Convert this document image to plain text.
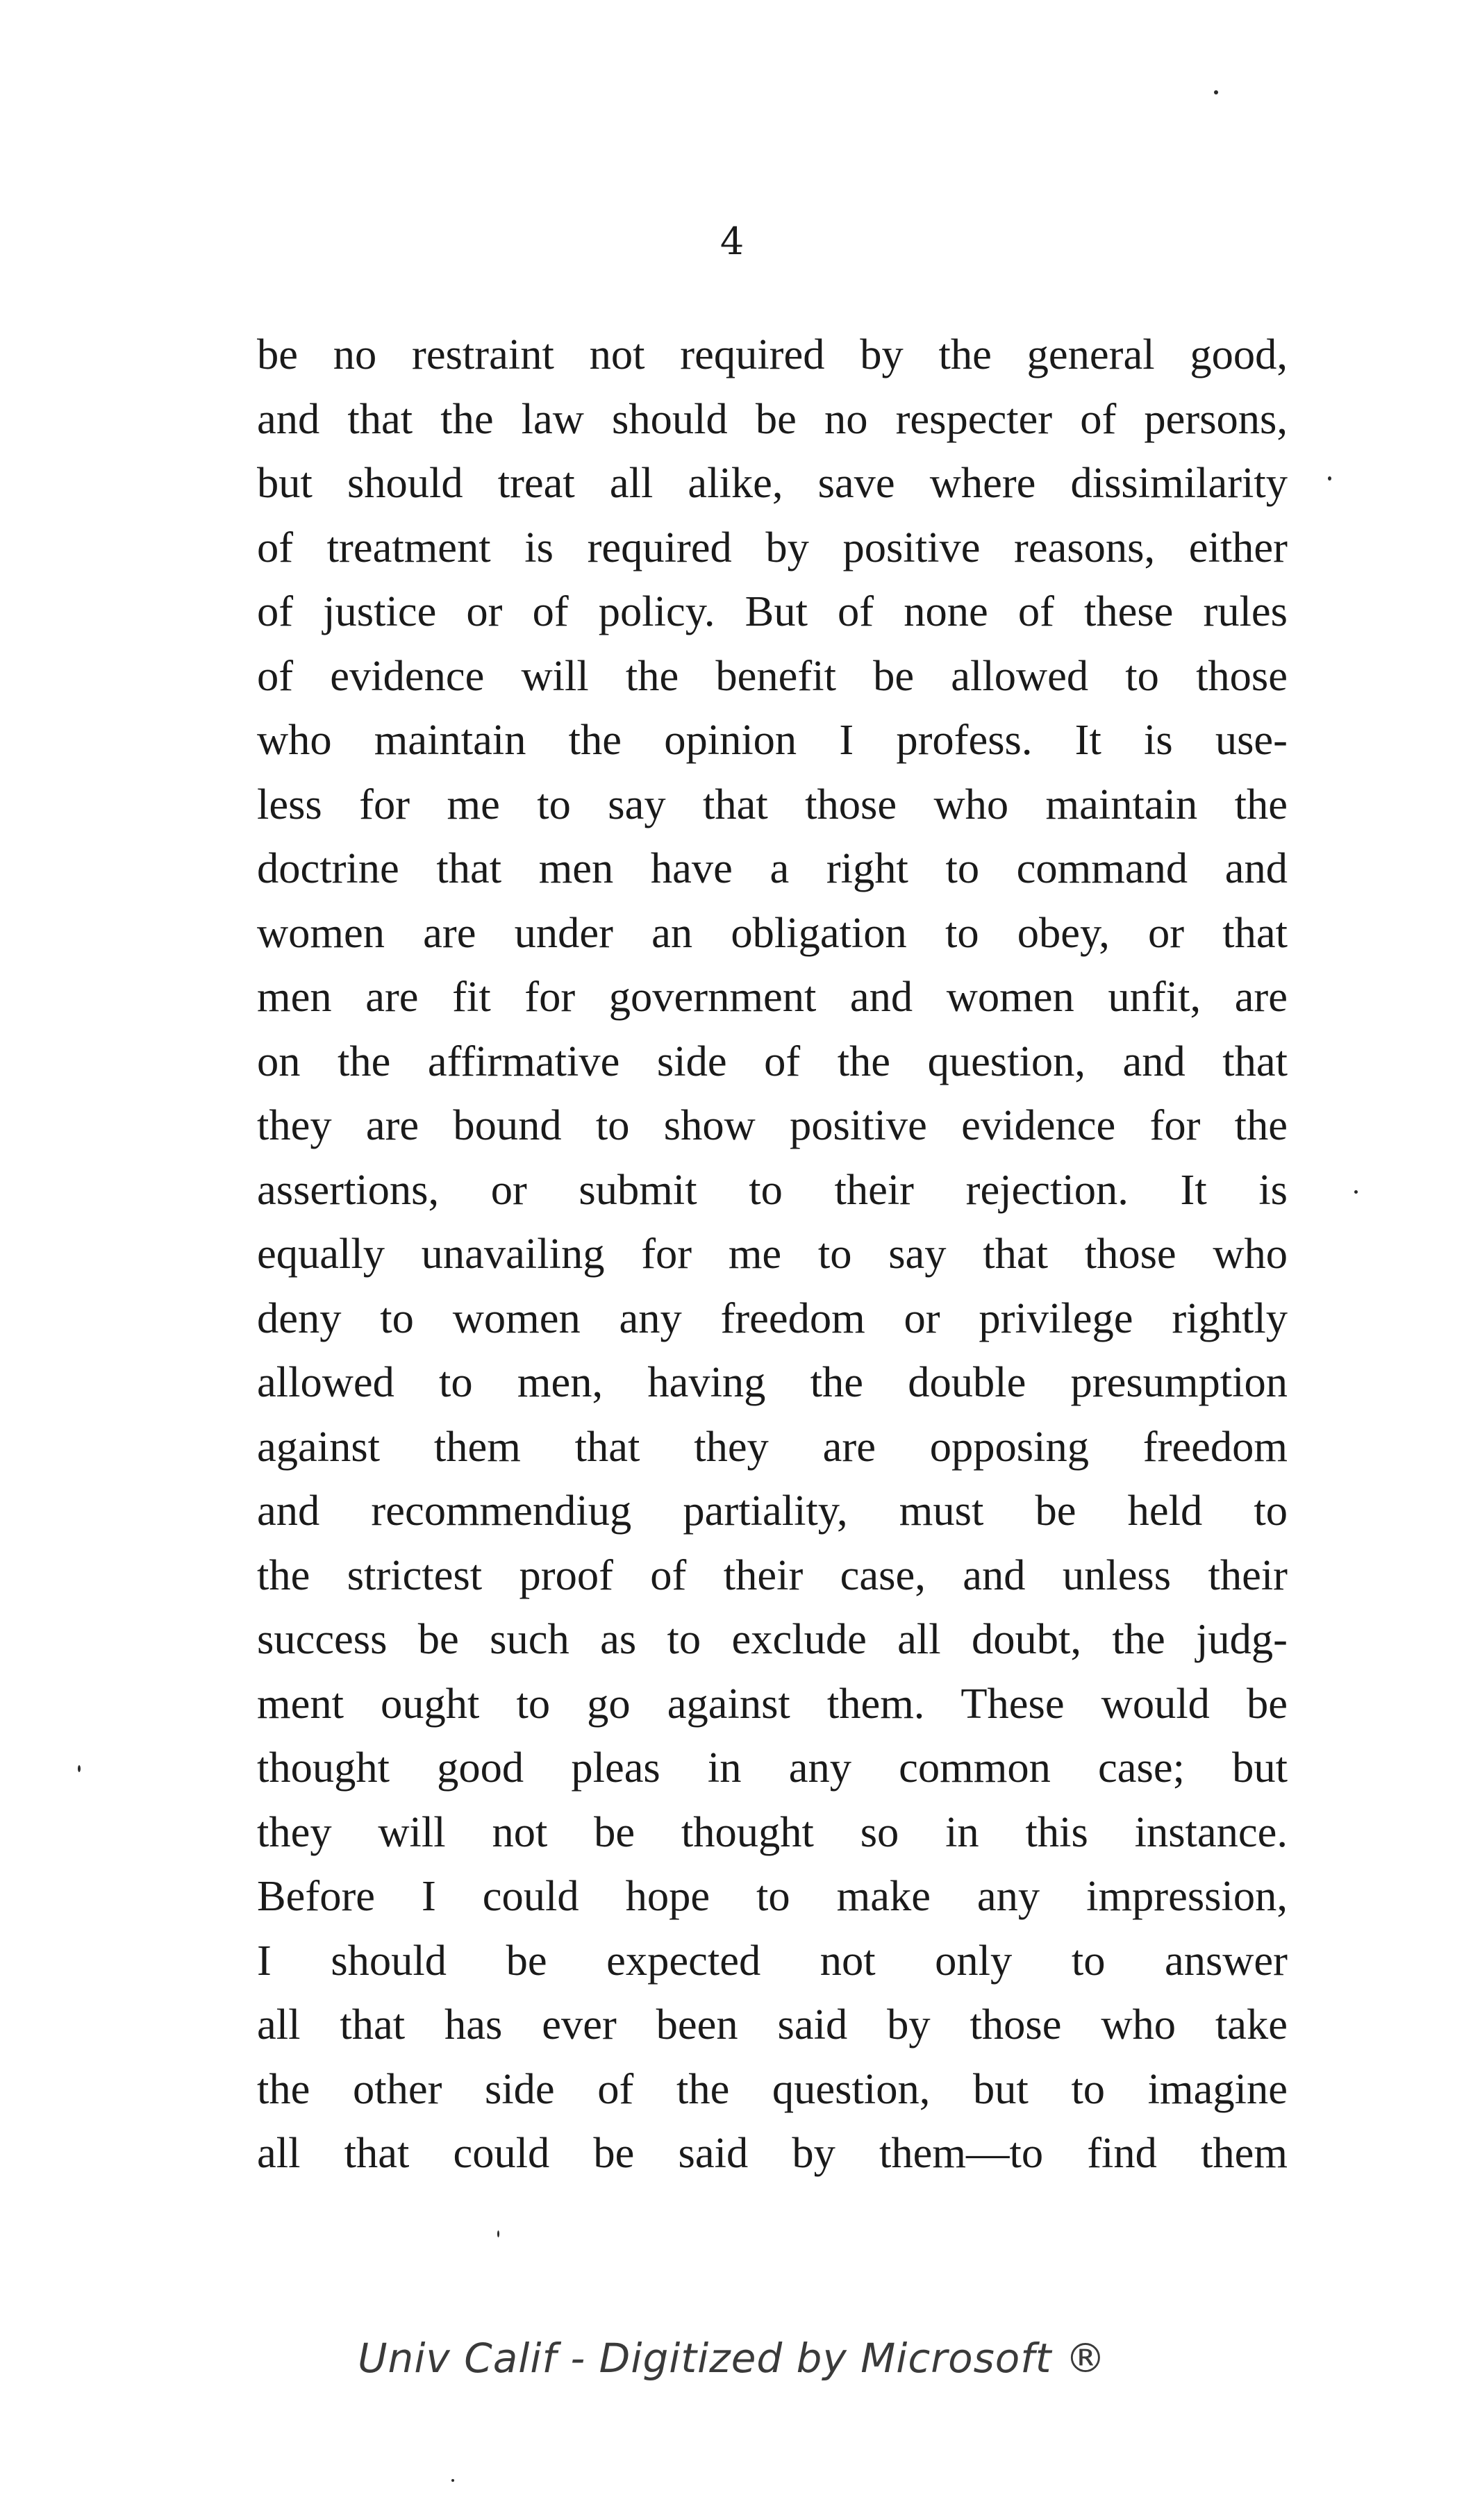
4
be no restraint not required by the general good,
and that the law should be no respecter of persons,
but should treat all alike, save where dissimilarity
of treatment is required by positive reasons, either
of justice or of policy. But of none of these rules
of evidence will the benefit be allowed to those
who maintain the opinion I profess. It is use-
less for me to say that those who maintain the
doctrine that men have a right to command and
women are under an obligation to obey, or that
men are fit for government and women unfit, are
on the affirmative side of the question, and that
they are bound to show positive evidence for the
assertions, or submit to their rejection. It is
equally unavailing for me to say that those who
deny to women any freedom or privilege rightly
allowed to men, having the double presumption
against them that they are opposing freedom
and recommendiug partiality, must be held to
the strictest proof of their case, and unless their
success be such as to exclude all doubt, the judg-
ment ought to go against them. These would be
thought good pleas in any common case; but
they will not be thought so in this instance.
Before I could hope to make any impression,
I should be expected not only to answer
all that has ever been said by those who take
the other side of the question, but to imagine
all that could be said by them—to find them
Univ Calif - Digitized by Microsoft ®
